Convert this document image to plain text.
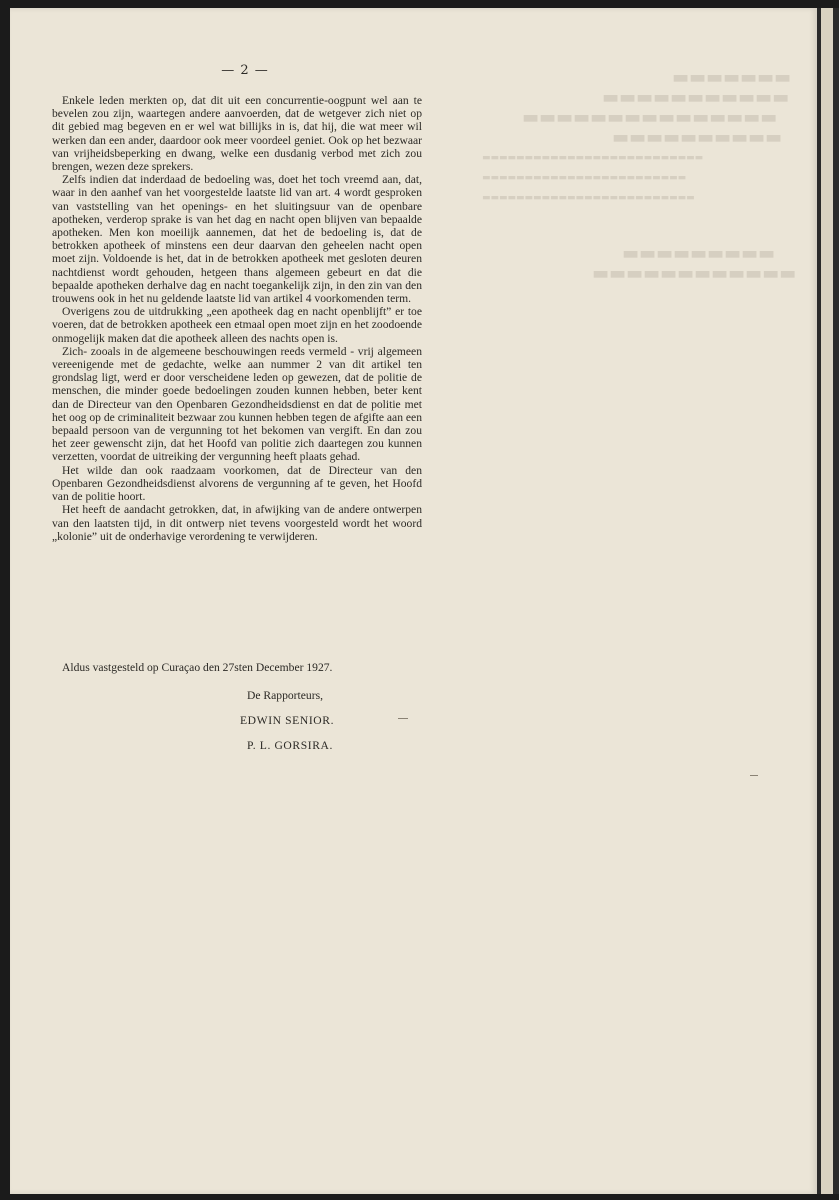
▬▬▬▬▬▬▬
▬▬▬▬▬▬▬▬▬▬▬
▬▬▬▬▬▬▬▬▬▬▬▬▬▬▬
▬▬▬▬▬▬▬▬▬▬
▬▬▬▬▬▬▬▬▬▬▬▬▬▬▬▬▬▬▬▬▬▬▬▬▬▬
▬▬▬▬▬▬▬▬▬▬▬▬▬▬▬▬▬▬▬▬▬▬▬▬
▬▬▬▬▬▬▬▬▬▬▬▬▬▬▬▬▬▬▬▬▬▬▬▬▬
▬▬▬▬▬▬▬▬▬
▬▬▬▬▬▬▬▬▬▬▬▬
— 2 —

Enkele leden merkten op, dat dit uit een concurrentie-oogpunt wel aan te bevelen zou zijn, waartegen andere aanvoerden, dat de wetgever zich niet op dit gebied mag begeven en er wel wat billijks in is, dat hij, die wat meer wil werken dan een ander, daardoor ook meer voordeel geniet. Ook op het bezwaar van vrijheidsbeperking en dwang, welke een dusdanig verbod met zich zou brengen, wezen deze sprekers.

Zelfs indien dat inderdaad de bedoeling was, doet het toch vreemd aan, dat, waar in den aanhef van het voorgestelde laatste lid van art. 4 wordt gesproken van vaststelling van het openings- en het sluitingsuur van de openbare apotheken, verderop sprake is van het dag en nacht open blijven van bepaalde apotheken. Men kon moeilijk aannemen, dat het de bedoeling is, dat de betrokken apotheek of minstens een deur daarvan den geheelen nacht open moet zijn. Voldoende is het, dat in de betrokken apotheek met gesloten deuren nachtdienst wordt gehouden, hetgeen thans algemeen gebeurt en dat die bepaalde apotheken derhalve dag en nacht toegankelijk zijn, in den zin van den trouwens ook in het nu geldende laatste lid van artikel 4 voorkomenden term.

Overigens zou de uitdrukking „een apotheek dag en nacht openblijft” er toe voeren, dat de betrokken apotheek een etmaal open moet zijn en het zoodoende onmogelijk maken dat die apotheek alleen des nachts open is.

Zich- zooals in de algemeene beschouwingen reeds vermeld - vrij algemeen vereenigende met de gedachte, welke aan nummer 2 van dit artikel ten grondslag ligt, werd er door verscheidene leden op gewezen, dat de politie de menschen, die minder goede bedoelingen zouden kunnen hebben, beter kent dan de Directeur van den Openbaren Gezondheidsdienst en dat de politie met het oog op de criminaliteit bezwaar zou kunnen hebben tegen de afgifte aan een bepaald persoon van de vergunning tot het bekomen van vergift. En dan zou het zeer gewenscht zijn, dat het Hoofd van politie zich daartegen zou kunnen verzetten, voordat de uitreiking der vergunning heeft plaats gehad.

Het wilde dan ook raadzaam voorkomen, dat de Directeur van den Openbaren Gezondheidsdienst alvorens de vergunning af te geven, het Hoofd van de politie hoort.

Het heeft de aandacht getrokken, dat, in afwijking van de andere ontwerpen van den laatsten tijd, in dit ontwerp niet tevens voorgesteld wordt het woord „kolonie” uit de onderhavige verordening te verwijderen.

Aldus vastgesteld op Curaçao den 27sten December 1927.
De Rapporteurs,
EDWIN SENIOR.
P. L. GORSIRA.
